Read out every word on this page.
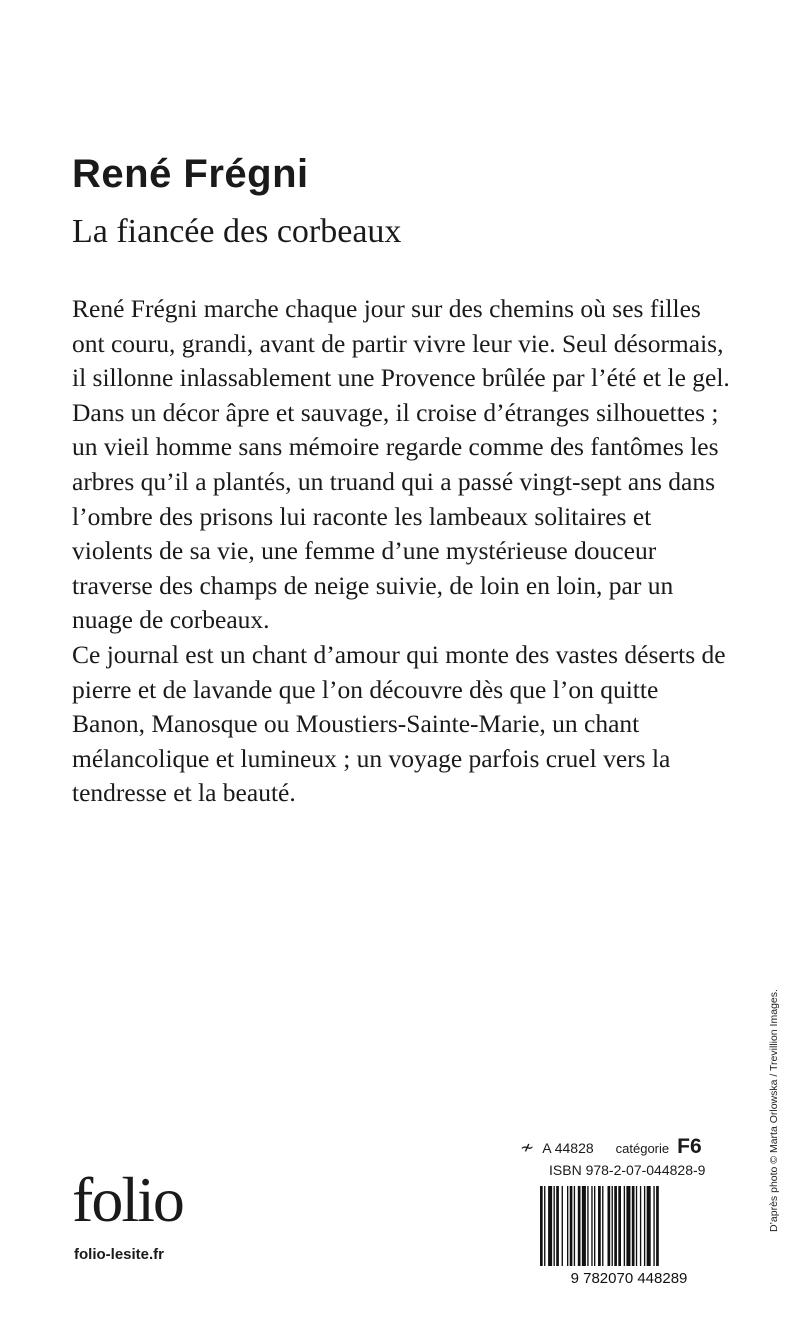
René Frégni
La fiancée des corbeaux

René Frégni marche chaque jour sur des chemins où ses filles ont couru, grandi, avant de partir vivre leur vie. Seul désormais, il sillonne inlassablement une Provence brûlée par l’été et le gel. Dans un décor âpre et sauvage, il croise d’étranges silhouettes ; un vieil homme sans mémoire regarde comme des fantômes les arbres qu’il a plantés, un truand qui a passé vingt-sept ans dans l’ombre des prisons lui raconte les lambeaux solitaires et violents de sa vie, une femme d’une mystérieuse douceur traverse des champs de neige suivie, de loin en loin, par un nuage de corbeaux.

Ce journal est un chant d’amour qui monte des vastes déserts de pierre et de lavande que l’on découvre dès que l’on quitte Banon, Manosque ou Moustiers-Sainte-Marie, un chant mélancolique et lumineux ; un voyage parfois cruel vers la tendresse et la beauté.

D’après photo © Marta Orlowska / Trevillion Images.
≁ A 44828 catégorie F6
ISBN 978-2-07-044828-9
9 782070 448289
folio
folio-lesite.fr
